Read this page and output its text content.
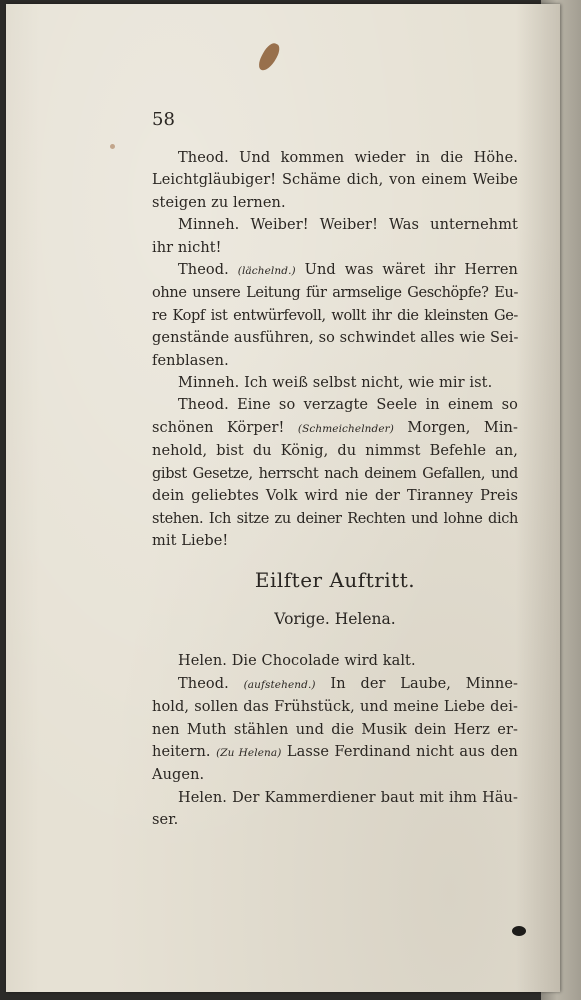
58
Theod. Und kommen wieder in die Höhe.
Leichtgläubiger! Schäme dich, von einem Weibe
steigen zu lernen.
Minneh. Weiber! Weiber! Was unternehmt
ihr nicht!
Theod. (lächelnd.) Und was wäret ihr Herren
ohne unsere Leitung für armselige Geschöpfe? Eu-
re Kopf ist entwürfevoll, wollt ihr die kleinsten Ge-
genstände ausführen, so schwindet alles wie Sei-
fenblasen.
Minneh. Ich weiß selbst nicht, wie mir ist.
Theod. Eine so verzagte Seele in einem so
schönen Körper! (Schmeichelnder) Morgen, Min-
nehold, bist du König, du nimmst Befehle an,
gibst Gesetze, herrscht nach deinem Gefallen, und
dein geliebtes Volk wird nie der Tiranney Preis
stehen. Ich sitze zu deiner Rechten und lohne dich
mit Liebe!
Eilfter Auftritt.
Vorige. Helena.
Helen. Die Chocolade wird kalt.
Theod. (aufstehend.) In der Laube, Minne-
hold, sollen das Frühstück, und meine Liebe dei-
nen Muth stählen und die Musik dein Herz er-
heitern. (Zu Helena) Lasse Ferdinand nicht aus den
Augen.
Helen. Der Kammerdiener baut mit ihm Häu-
ser.
